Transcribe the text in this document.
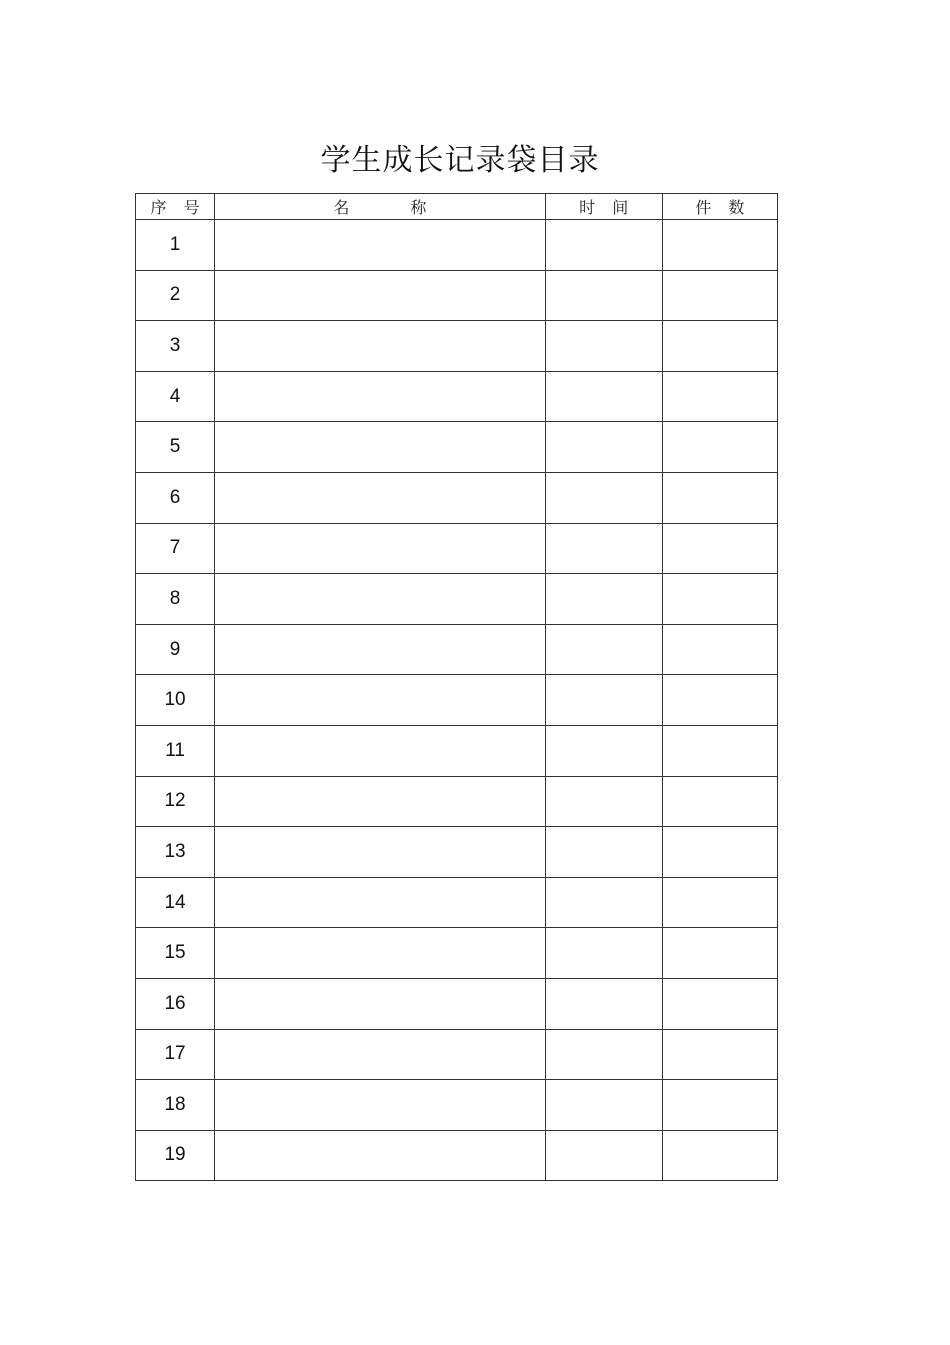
学生成长记录袋目录
序 号	名            称	时 间	件 数
1			
2			
3			
4			
5			
6			
7			
8			
9			
10			
11			
12			
13			
14			
15			
16			
17			
18			
19			
